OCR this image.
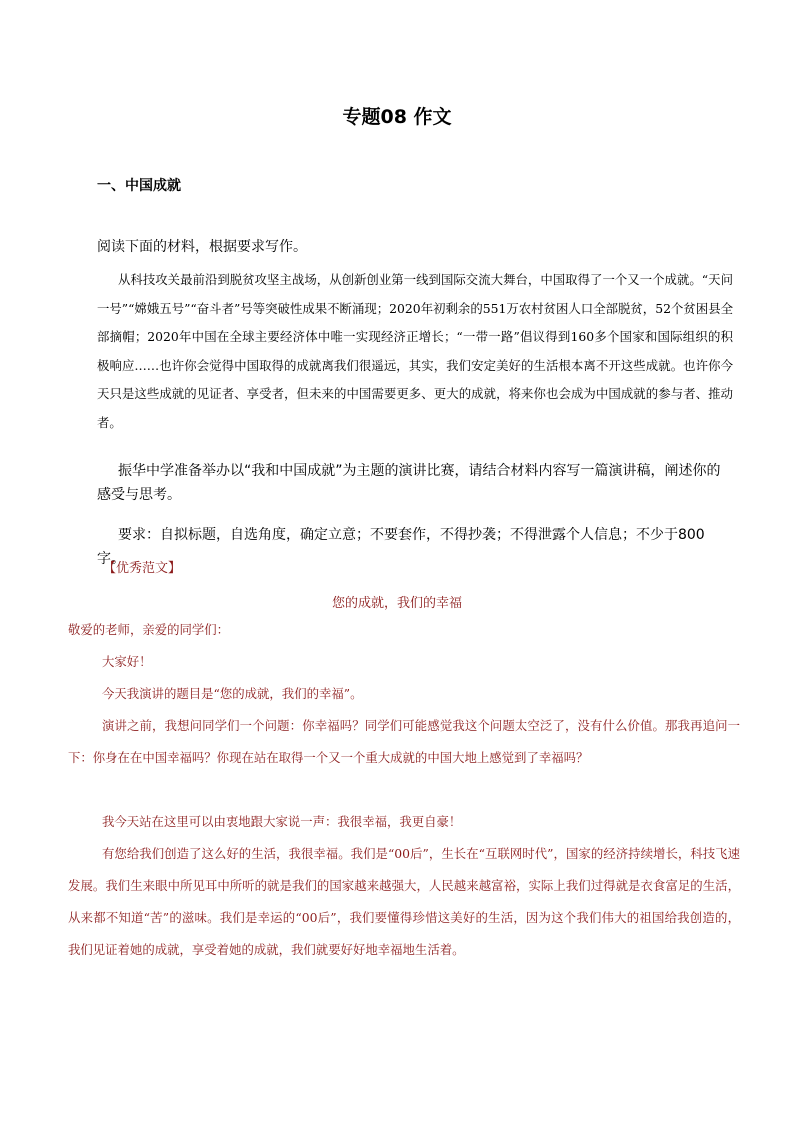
专题08 作文
一、中国成就

阅读下面的材料，根据要求写作。

从科技攻关最前沿到脱贫攻坚主战场，从创新创业第一线到国际交流大舞台，中国取得了一个又一个成就。“天问一号”“嫦娥五号”“奋斗者”号等突破性成果不断涌现；2020年初剩余的551万农村贫困人口全部脱贫，52个贫困县全部摘帽；2020年中国在全球主要经济体中唯一实现经济正增长；“一带一路”倡议得到160多个国家和国际组织的积极响应……也许你会觉得中国取得的成就离我们很遥远，其实，我们安定美好的生活根本离不开这些成就。也许你今天只是这些成就的见证者、享受者，但未来的中国需要更多、更大的成就，将来你也会成为中国成就的参与者、推动者。

振华中学准备举办以“我和中国成就”为主题的演讲比赛，请结合材料内容写一篇演讲稿，阐述你的感受与思考。

要求：自拟标题，自选角度，确定立意；不要套作，不得抄袭；不得泄露个人信息；不少于800字。

【优秀范文】
您的成就，我们的幸福

敬爱的老师，亲爱的同学们：

大家好！

今天我演讲的题目是“您的成就，我们的幸福”。

演讲之前，我想问同学们一个问题：你幸福吗？同学们可能感觉我这个问题太空泛了，没有什么价值。那我再追问一下：你身在在中国幸福吗？你现在站在取得一个又一个重大成就的中国大地上感觉到了幸福吗？

我今天站在这里可以由衷地跟大家说一声：我很幸福，我更自豪！

有您给我们创造了这么好的生活，我很幸福。我们是“00后”，生长在“互联网时代”，国家的经济持续增长，科技飞速发展。我们生来眼中所见耳中所听的就是我们的国家越来越强大，人民越来越富裕，实际上我们过得就是衣食富足的生活，从来都不知道“苦”的滋味。我们是幸运的“00后”，我们要懂得珍惜这美好的生活，因为这个我们伟大的祖国给我创造的，我们见证着她的成就，享受着她的成就，我们就要好好地幸福地生活着。
